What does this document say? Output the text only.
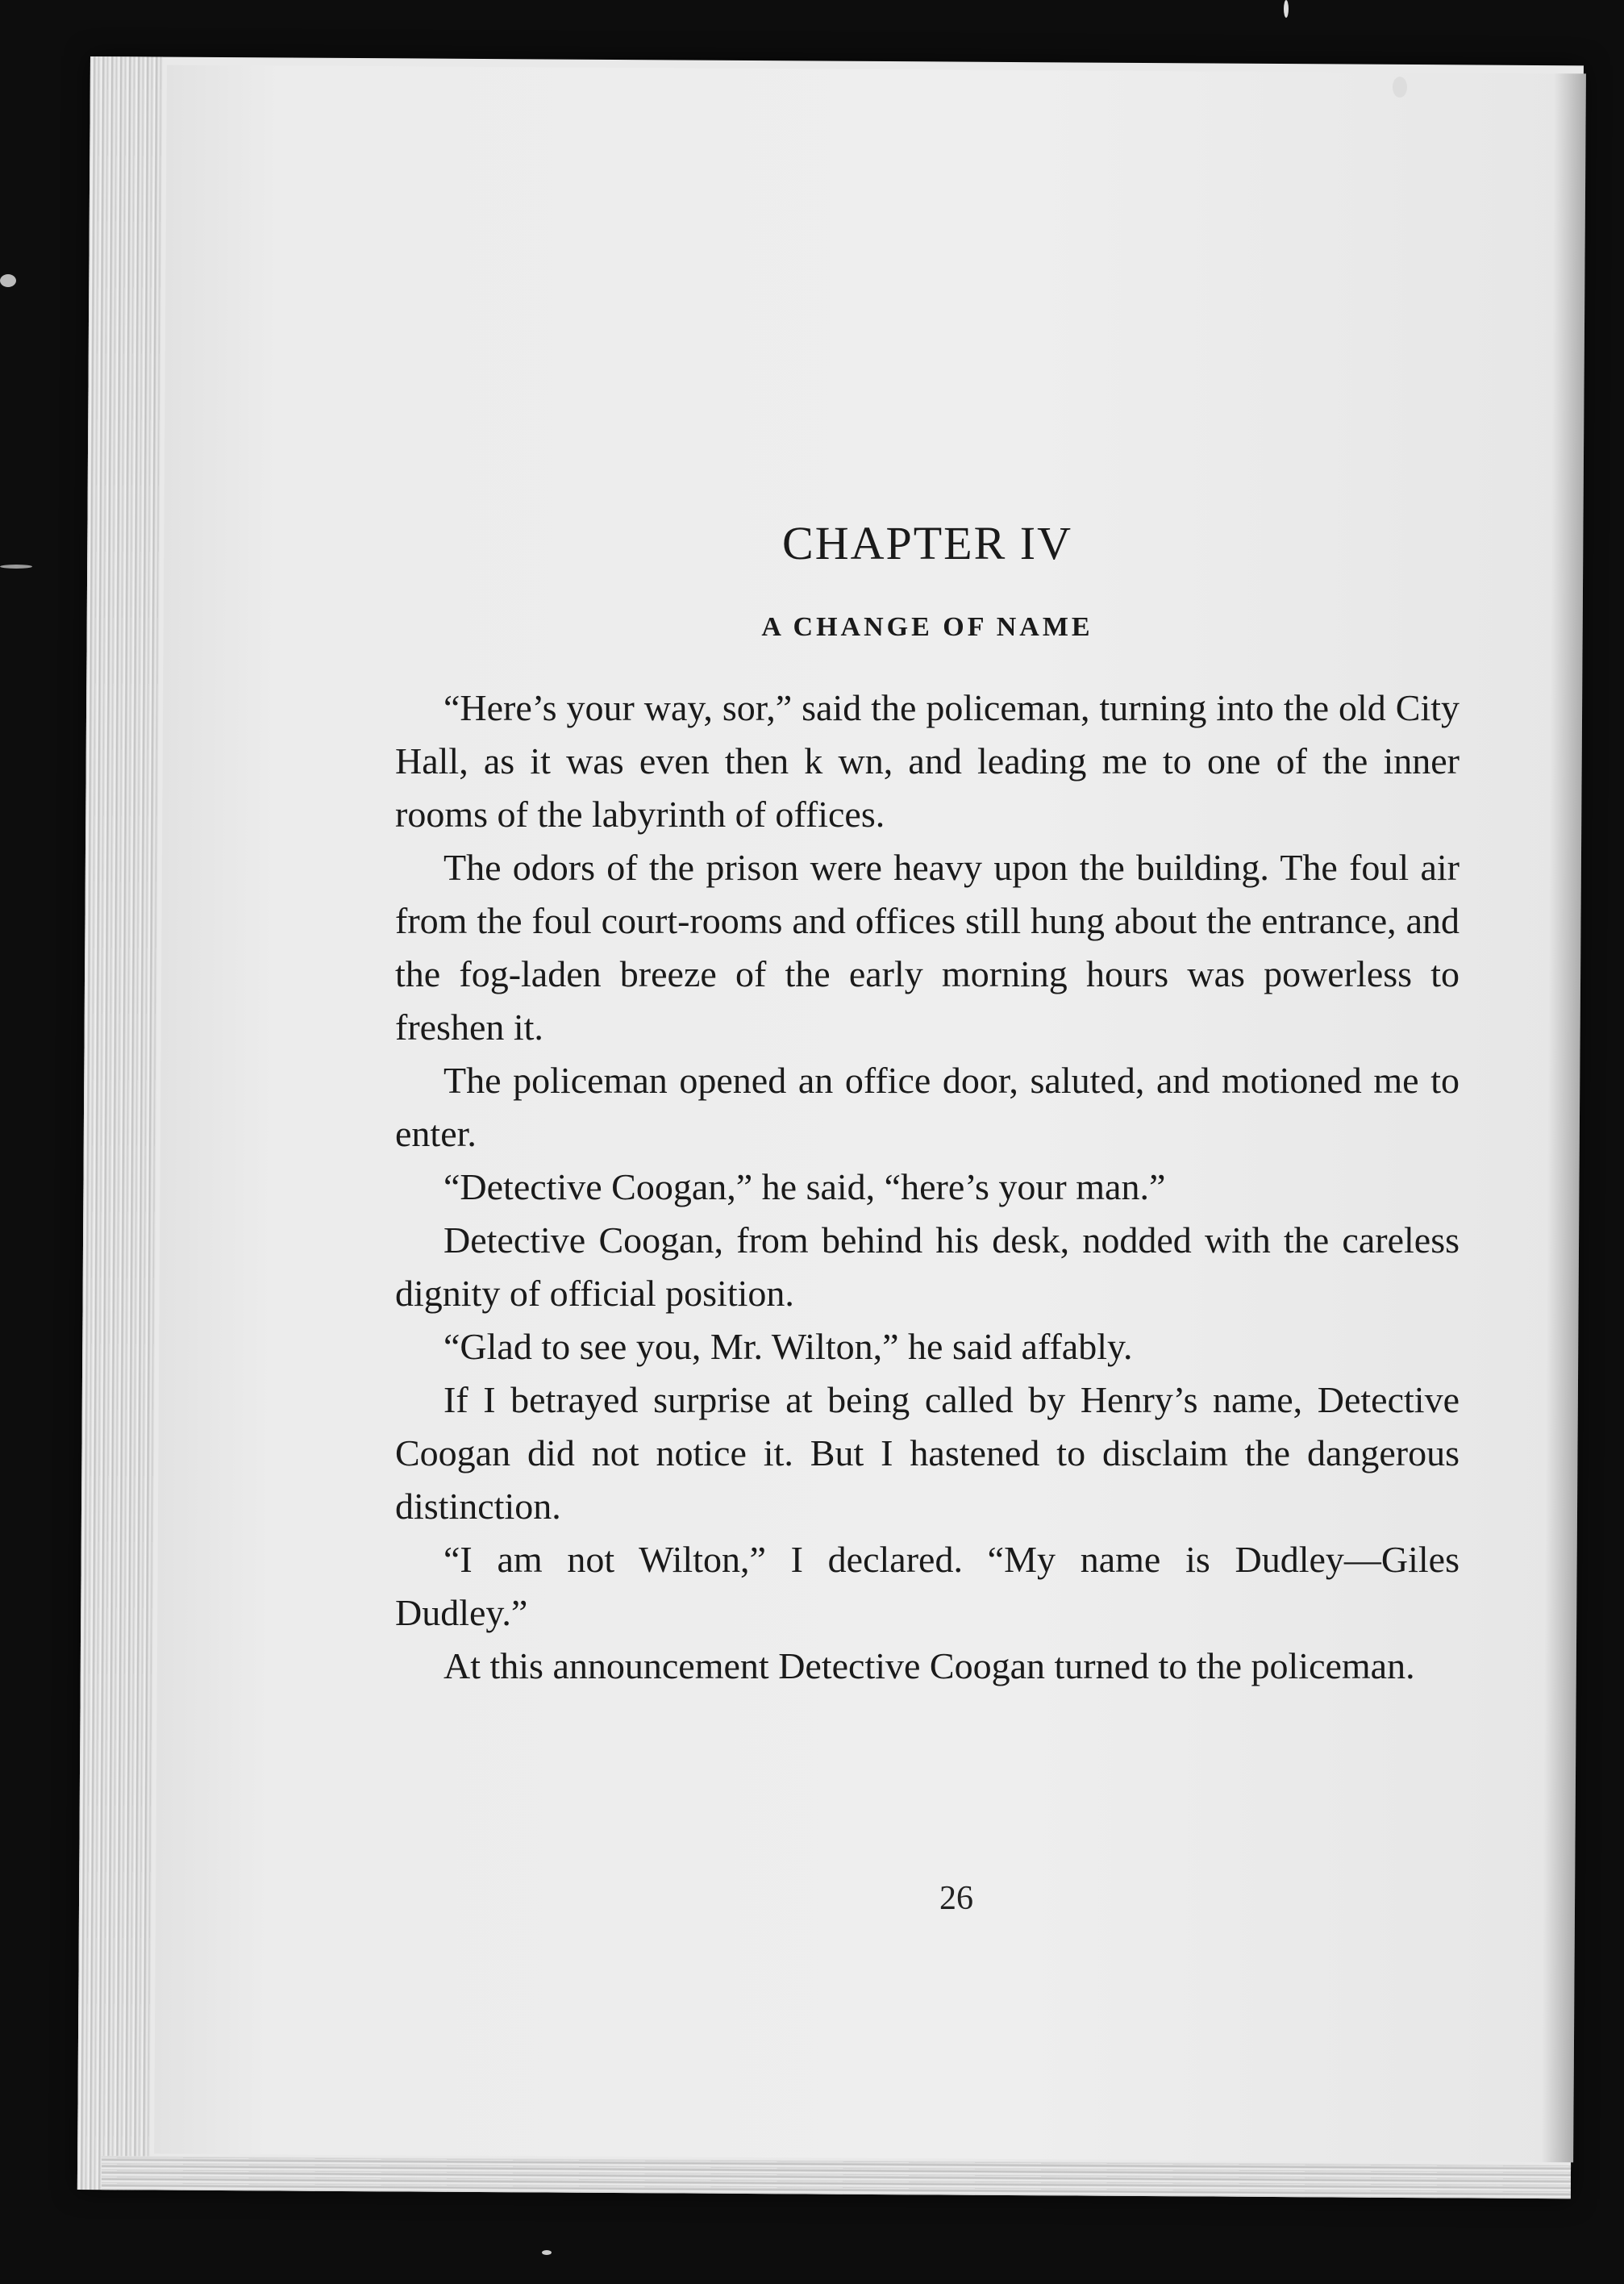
CHAPTER IV
A CHANGE OF NAME

“Here’s your way, sor,” said the policeman, turning into the old City Hall, as it was even then k wn, and leading me to one of the inner rooms of the labyrinth of offices.

The odors of the prison were heavy upon the building. The foul air from the foul court-rooms and offices still hung about the entrance, and the fog-laden breeze of the early morning hours was powerless to freshen it.

The policeman opened an office door, saluted, and motioned me to enter.

“Detective Coogan,” he said, “here’s your man.”

Detective Coogan, from behind his desk, nodded with the careless dignity of official position.

“Glad to see you, Mr. Wilton,” he said affably.

If I betrayed surprise at being called by Henry’s name, Detective Coogan did not notice it. But I hastened to disclaim the dangerous distinction.

“I am not Wilton,” I declared. “My name is Dudley—Giles Dudley.”

At this announcement Detective Coogan turned to the policeman.

26
